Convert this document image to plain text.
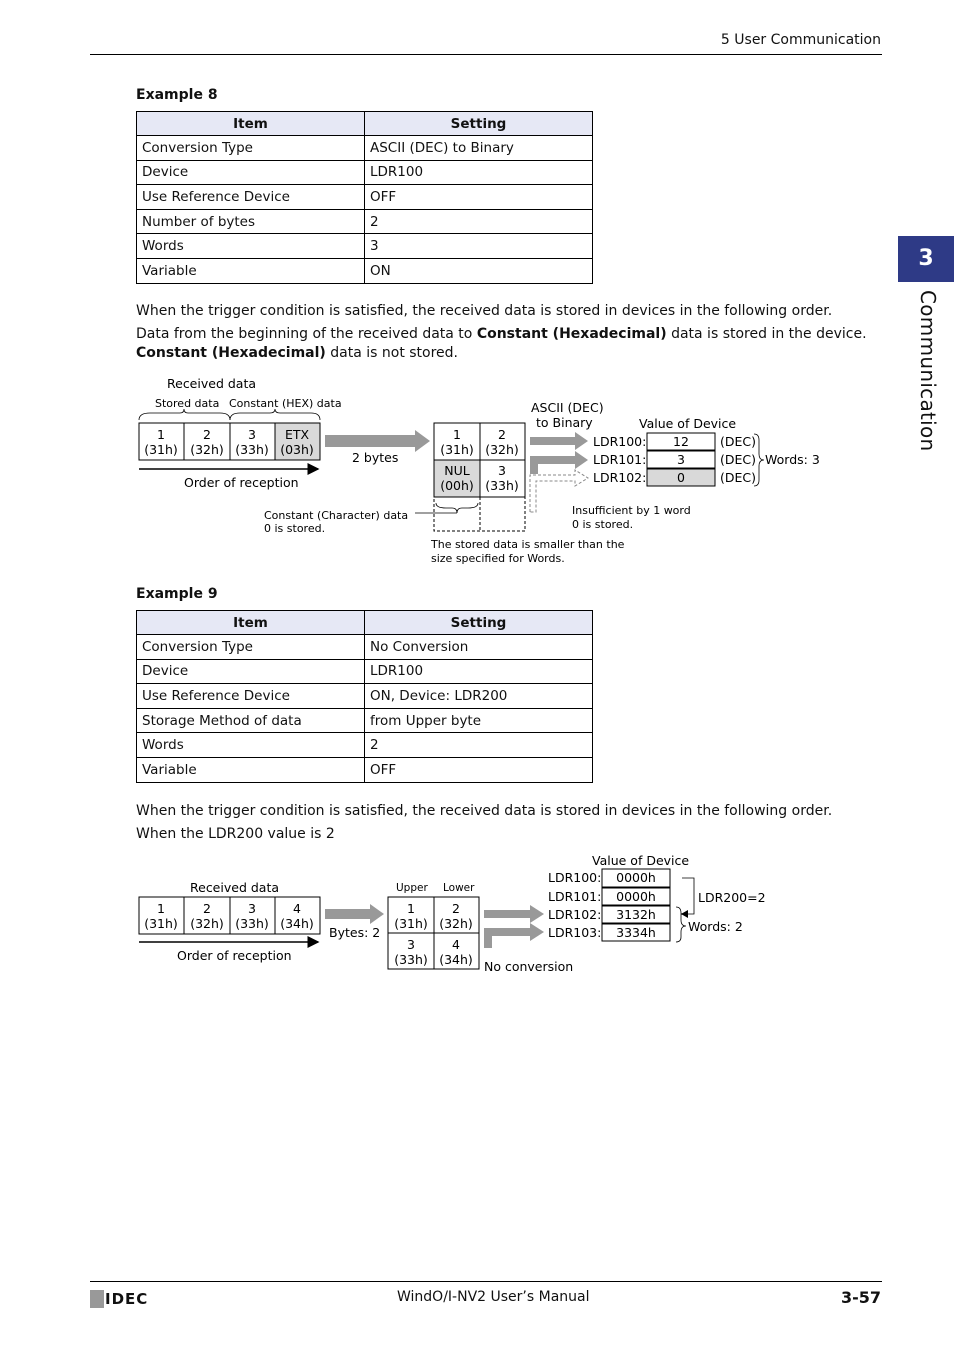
5 User Communication
3
Communication
Example 8
Item	Setting
Conversion Type	ASCII (DEC) to Binary
Device	LDR100
Use Reference Device	OFF
Number of bytes	2
Words	3
Variable	ON
When the trigger condition is satisfied, the received data is stored in devices in the following order.
Data from the beginning of the received data to Constant (Hexadecimal) data is stored in the device. Constant (Hexadecimal) data is not stored.
Received data
Stored data Constant (HEX) data
1
(31h)
2
(32h)
3
(33h)
ETX
(03h)
Order of reception
2 bytes
1
(31h)
2
(32h)
NUL
(00h)
3
(33h)
Constant (Character) data
0 is stored.
ASCII (DEC)
to Binary	Value of Device
LDR100:
LDR101:
LDR102:
12
3
0
(DEC)
(DEC)
(DEC)
Words: 3
Insufficient by 1 word
0 is stored.
The stored data is smaller than the
size specified for Words.
Example 9
Item	Setting
Conversion Type	No Conversion
Device	LDR100
Use Reference Device	ON, Device: LDR200
Storage Method of data	from Upper byte
Words	2
Variable	OFF
When the trigger condition is satisfied, the received data is stored in devices in the following order.
When the LDR200 value is 2
Received data
1
(31h)
2
(32h)
3
(33h)
4
(34h)
Order of reception
Bytes: 2
Upper Lower
1
(31h)
2
(32h)
3
(33h)
4
(34h) No conversion
Value of Device
LDR100:
LDR101:
LDR102:
LDR103:
0000h
0000h
3132h
3334h
LDR200=2
Words: 2
IDEC	WindO/I-NV2 User’s Manual	3-57
